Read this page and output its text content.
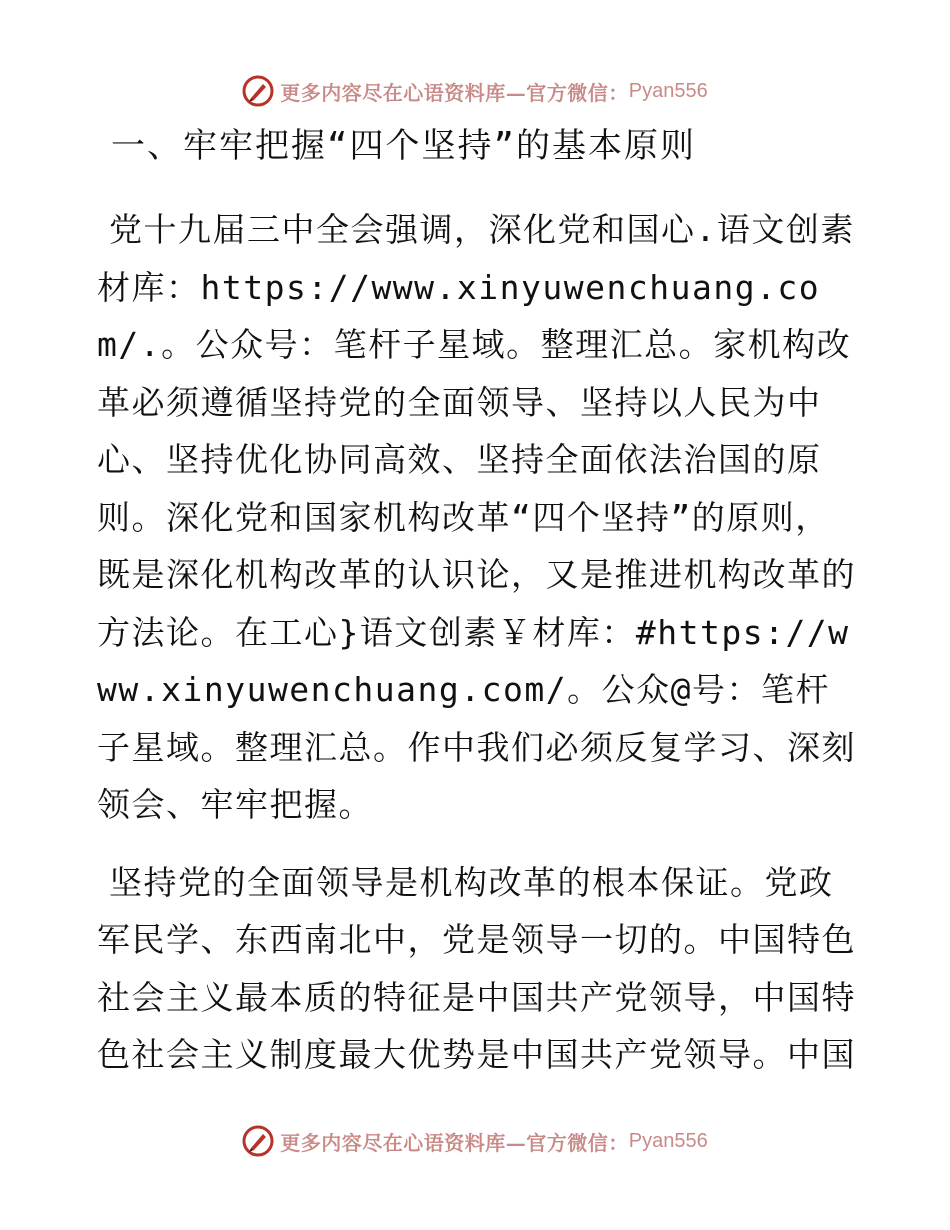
更多内容尽在心语资料库—官方微信： Pyan556
一、牢牢把握“四个坚持”的基本原则

党十九届三中全会强调，深化党和国心.语文创素材库：https://www.xinyuwenchuang.com/.。公众号：笔杆子星域。整理汇总。家机构改革必须遵循坚持党的全面领导、坚持以人民为中心、坚持优化协同高效、坚持全面依法治国的原则。深化党和国家机构改革“四个坚持”的原则，既是深化机构改革的认识论，又是推进机构改革的方法论。在工心}语文创素￥材库：#https://www.xinyuwenchuang.com/。公众@号：笔杆子星域。整理汇总。作中我们必须反复学习、深刻领会、牢牢把握。

坚持党的全面领导是机构改革的根本保证。党政军民学、东西南北中，党是领导一切的。中国特色社会主义最本质的特征是中国共产党领导，中国特色社会主义制度最大优势是中国共产党领导。中国

更多内容尽在心语资料库—官方微信： Pyan556
